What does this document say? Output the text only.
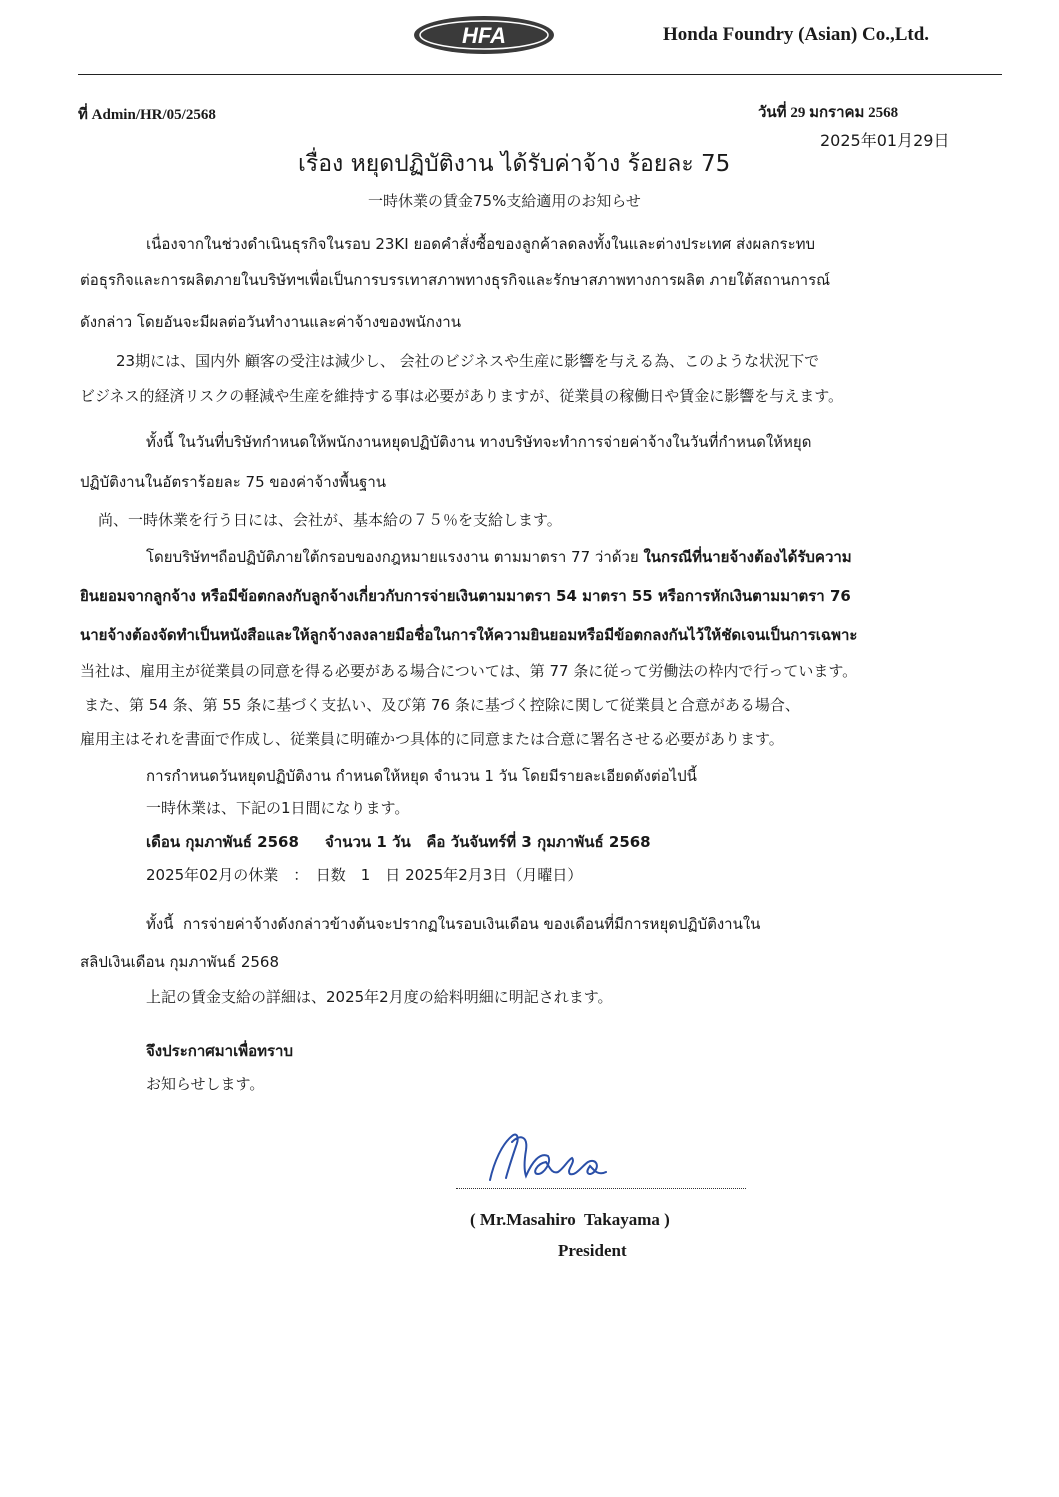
HFA	Honda Foundry (Asian) Co.,Ltd.
ที่ Admin/HR/05/2568	วันที่ 29 มกราคม 2568
2025年01月29日
เรื่อง หยุดปฏิบัติงาน ได้รับค่าจ้าง ร้อยละ 75
一時休業の賃金75%支給適用のお知らせ
เนื่องจากในช่วงดำเนินธุรกิจในรอบ 23KI ยอดคำสั่งซื้อของลูกค้าลดลงทั้งในและต่างประเทศ ส่งผลกระทบ
ต่อธุรกิจและการผลิตภายในบริษัทฯเพื่อเป็นการบรรเทาสภาพทางธุรกิจและรักษาสภาพทางการผลิต ภายใต้สถานการณ์
ดังกล่าว โดยอันจะมีผลต่อวันทำงานและค่าจ้างของพนักงาน
23期には、国内外 顧客の受注は減少し、 会社のビジネスや生産に影響を与える為、このような状況下で
ビジネス的経済リスクの軽減や生産を維持する事は必要がありますが、従業員の稼働日や賃金に影響を与えます。
ทั้งนี้ ในวันที่บริษัทกำหนดให้พนักงานหยุดปฏิบัติงาน ทางบริษัทจะทำการจ่ายค่าจ้างในวันที่กำหนดให้หยุด
ปฏิบัติงานในอัตราร้อยละ 75 ของค่าจ้างพื้นฐาน
尚、一時休業を行う日には、会社が、基本給の７５％を支給します。
โดยบริษัทฯถือปฏิบัติภายใต้กรอบของกฎหมายแรงงาน ตามมาตรา 77 ว่าด้วย ในกรณีที่นายจ้างต้องได้รับความ
ยินยอมจากลูกจ้าง หรือมีข้อตกลงกับลูกจ้างเกี่ยวกับการจ่ายเงินตามมาตรา 54 มาตรา 55 หรือการหักเงินตามมาตรา 76
นายจ้างต้องจัดทำเป็นหนังสือและให้ลูกจ้างลงลายมือชื่อในการให้ความยินยอมหรือมีข้อตกลงกันไว้ให้ชัดเจนเป็นการเฉพาะ
当社は、雇用主が従業員の同意を得る必要がある場合については、第 77 条に従って労働法の枠内で行っています。
また、第 54 条、第 55 条に基づく支払い、及び第 76 条に基づく控除に関して従業員と合意がある場合、
雇用主はそれを書面で作成し、従業員に明確かつ具体的に同意または合意に署名させる必要があります。
การกำหนดวันหยุดปฏิบัติงาน กำหนดให้หยุด จำนวน 1 วัน โดยมีรายละเอียดดังต่อไปนี้
一時休業は、下記の1日間になります。
เดือน กุมภาพันธ์ 2568     จำนวน 1 วัน   คือ วันจันทร์ที่ 3 กุมภาพันธ์ 2568
2025年02月の休業　：　日数　1　日 2025年2月3日（月曜日）
ทั้งนี้  การจ่ายค่าจ้างดังกล่าวข้างต้นจะปรากฏในรอบเงินเดือน ของเดือนที่มีการหยุดปฏิบัติงานใน
สลิปเงินเดือน กุมภาพันธ์ 2568
上記の賃金支給の詳細は、2025年2月度の給料明細に明記されます。
จึงประกาศมาเพื่อทราบ
お知らせします。
( Mr.Masahiro  Takayama )
President
